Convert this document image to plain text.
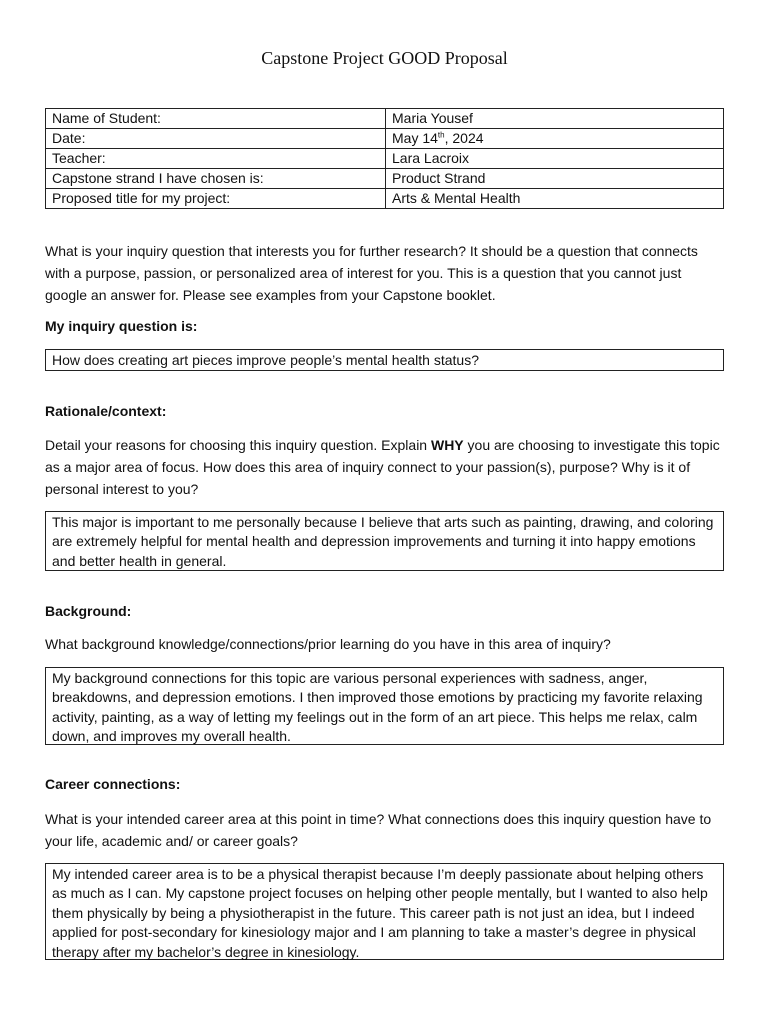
Capstone Project GOOD Proposal
Name of Student:	Maria Yousef
Date:	May 14th, 2024
Teacher:	Lara Lacroix
Capstone strand I have chosen is:	Product Strand
Proposed title for my project:	Arts & Mental Health
What is your inquiry question that interests you for further research? It should be a question that connects with a purpose, passion, or personalized area of interest for you. This is a question that you cannot just google an answer for. Please see examples from your Capstone booklet.
My inquiry question is:
How does creating art pieces improve people’s mental health status?
Rationale/context:
Detail your reasons for choosing this inquiry question. Explain WHY you are choosing to investigate this topic as a major area of focus. How does this area of inquiry connect to your passion(s), purpose? Why is it of personal interest to you?
This major is important to me personally because I believe that arts such as painting, drawing, and coloring are extremely helpful for mental health and depression improvements and turning it into happy emotions and better health in general.
Background:
What background knowledge/connections/prior learning do you have in this area of inquiry?
My background connections for this topic are various personal experiences with sadness, anger, breakdowns, and depression emotions. I then improved those emotions by practicing my favorite relaxing activity, painting, as a way of letting my feelings out in the form of an art piece. This helps me relax, calm down, and improves my overall health.
Career connections:
What is your intended career area at this point in time? What connections does this inquiry question have to your life, academic and/ or career goals?
My intended career area is to be a physical therapist because I’m deeply passionate about helping others as much as I can. My capstone project focuses on helping other people mentally, but I wanted to also help them physically by being a physiotherapist in the future. This career path is not just an idea, but I indeed applied for post-secondary for kinesiology major and I am planning to take a master’s degree in physical therapy after my bachelor’s degree in kinesiology.
